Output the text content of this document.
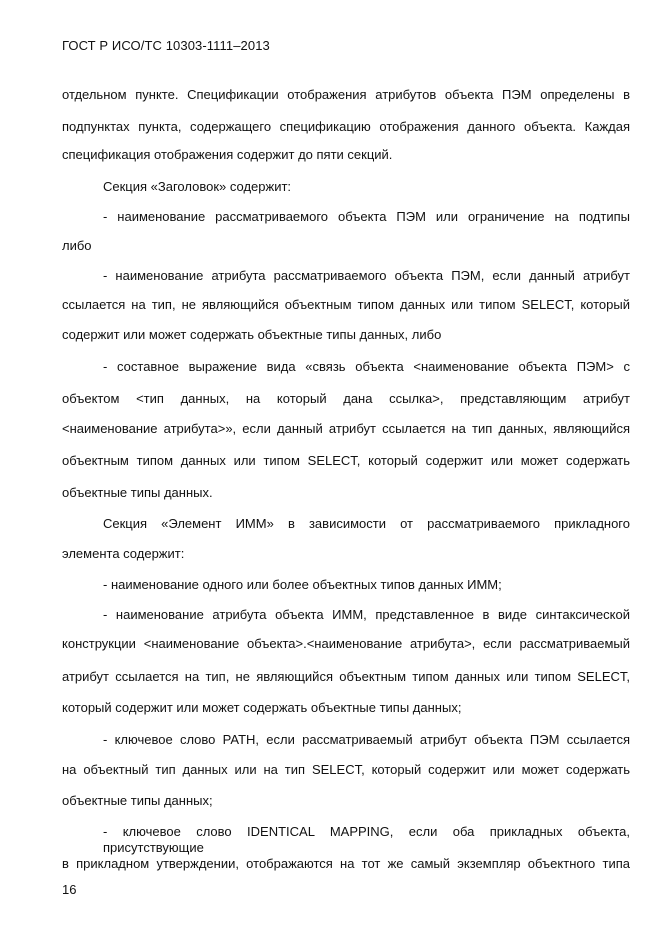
ГОСТ Р ИСО/ТС 10303-1111–2013
отдельном пункте. Спецификации отображения атрибутов объекта ПЭМ определены в
подпунктах пункта, содержащего спецификацию отображения данного объекта. Каждая
спецификация отображения содержит до пяти секций.
Секция «Заголовок» содержит:
- наименование рассматриваемого объекта ПЭМ или ограничение на подтипы
либо
- наименование атрибута рассматриваемого объекта ПЭМ, если данный атрибут
ссылается на тип, не являющийся объектным типом данных или типом SELECT, который
содержит или может содержать объектные типы данных, либо
- составное выражение вида «связь объекта <наименование объекта ПЭМ> с
объектом <тип данных, на который дана ссылка>, представляющим атрибут
<наименование атрибута>», если данный атрибут ссылается на тип данных, являющийся
объектным типом данных или типом SELECT, который содержит или может содержать
объектные типы данных.
Секция «Элемент ИММ» в зависимости от рассматриваемого прикладного
элемента содержит:
- наименование одного или более объектных типов данных ИММ;
- наименование атрибута объекта ИММ, представленное в виде синтаксической
конструкции <наименование объекта>.<наименование атрибута>, если рассматриваемый
атрибут ссылается на тип, не являющийся объектным типом данных или типом SELECT,
который содержит или может содержать объектные типы данных;
- ключевое слово PATH, если рассматриваемый атрибут объекта ПЭМ ссылается
на объектный тип данных или на тип SELECT, который содержит или может содержать
объектные типы данных;
- ключевое слово IDENTICAL MAPPING, если оба прикладных объекта, присутствующие
в прикладном утверждении, отображаются на тот же самый экземпляр объектного типа
16
